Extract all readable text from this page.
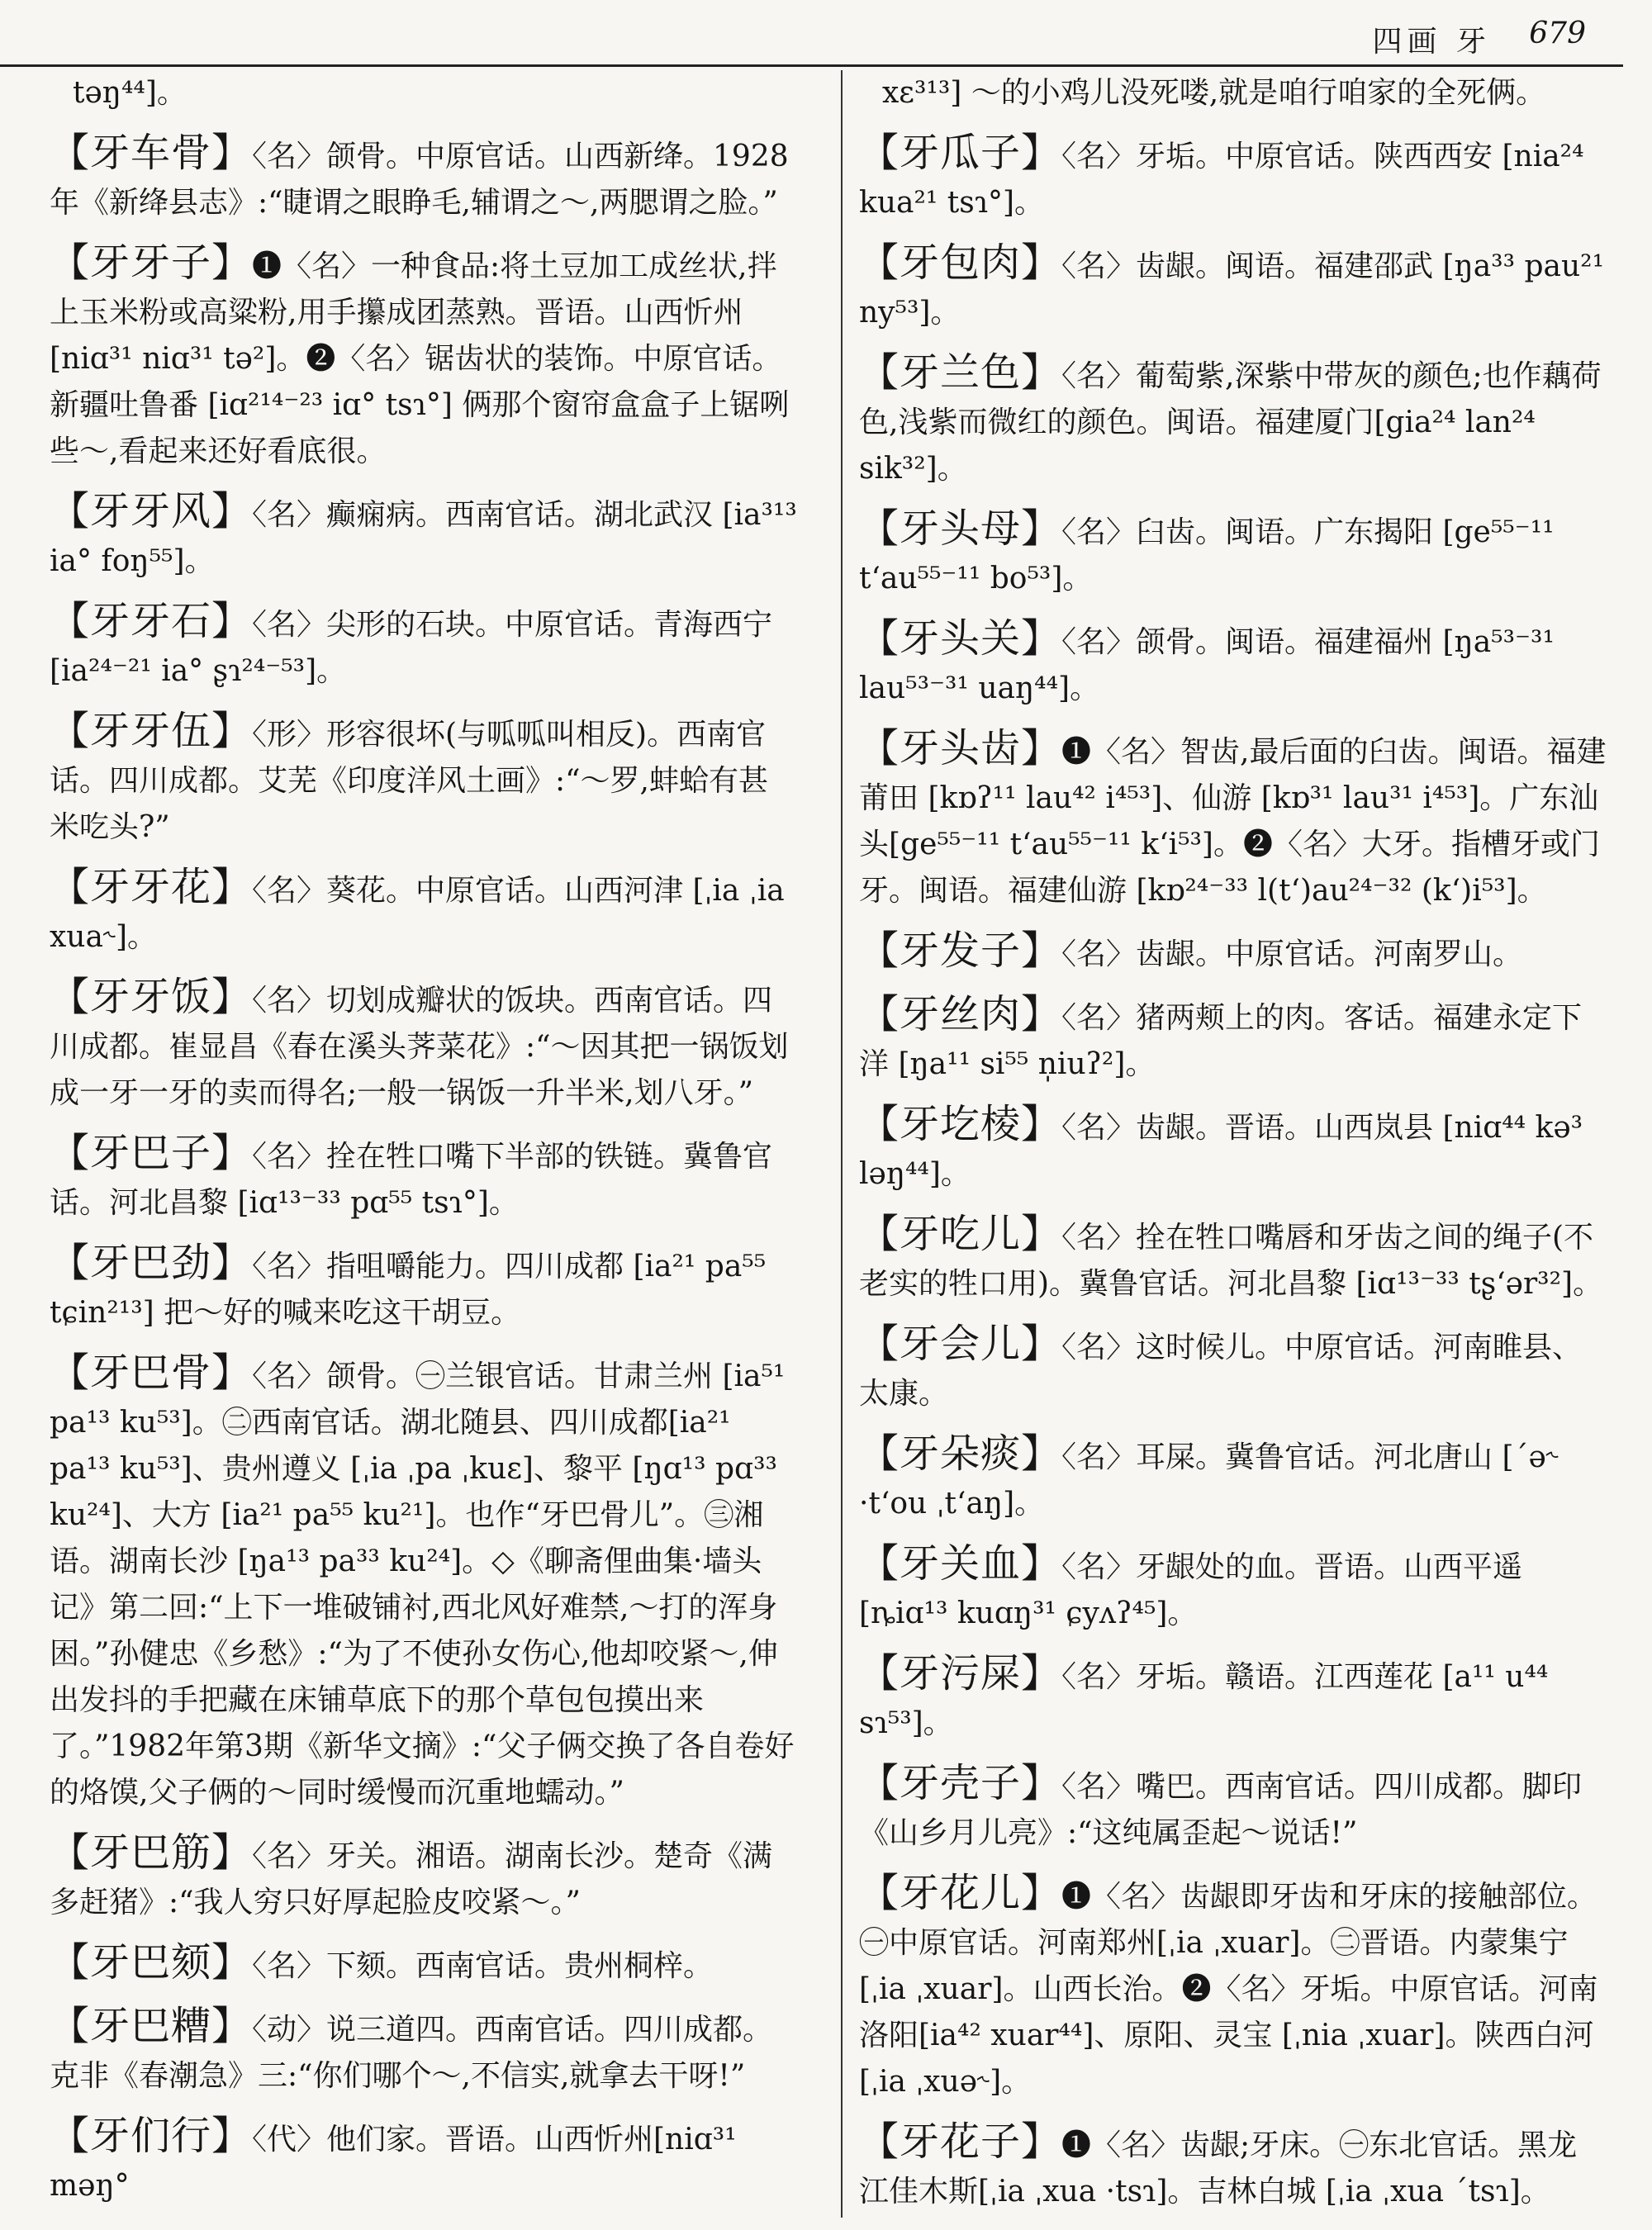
四画 牙 679
təŋ⁴⁴]。
【牙车骨】〈名〉颌骨。中原官话。山西新绛。1928年《新绛县志》:“睫谓之眼睁毛,辅谓之～,两腮谓之脸。”
【牙牙子】❶〈名〉一种食品:将土豆加工成丝状,拌上玉米粉或高粱粉,用手攥成团蒸熟。晋语。山西忻州 [niɑ³¹ niɑ³¹ tə²]。❷〈名〉锯齿状的装饰。中原官话。新疆吐鲁番 [iɑ²¹⁴⁻²³ iɑ° tsɿ°] 俩那个窗帘盒盒子上锯咧些～,看起来还好看底很。
【牙牙风】〈名〉癫痫病。西南官话。湖北武汉 [ia³¹³ ia° foŋ⁵⁵]。
【牙牙石】〈名〉尖形的石块。中原官话。青海西宁 [ia²⁴⁻²¹ ia° ʂɿ²⁴⁻⁵³]。
【牙牙伍】〈形〉形容很坏(与呱呱叫相反)。西南官话。四川成都。艾芜《印度洋风土画》:“～罗,蚌蛤有甚米吃头?”
【牙牙花】〈名〉葵花。中原官话。山西河津 [ˌia ˌia xua˞]。
【牙牙饭】〈名〉切划成瓣状的饭块。西南官话。四川成都。崔显昌《春在溪头荠菜花》:“～因其把一锅饭划成一牙一牙的卖而得名;一般一锅饭一升半米,划八牙。”
【牙巴子】〈名〉拴在牲口嘴下半部的铁链。冀鲁官话。河北昌黎 [iɑ¹³⁻³³ pɑ⁵⁵ tsɿ°]。
【牙巴劲】〈名〉指咀嚼能力。四川成都 [ia²¹ pa⁵⁵ tɕin²¹³] 把～好的喊来吃这干胡豆。
【牙巴骨】〈名〉颌骨。㊀兰银官话。甘肃兰州 [ia⁵¹ pa¹³ ku⁵³]。㊁西南官话。湖北随县、四川成都[ia²¹ pa¹³ ku⁵³]、贵州遵义 [ˌia ˌpa ˌkuɛ]、黎平 [ŋɑ¹³ pɑ³³ ku²⁴]、大方 [ia²¹ pa⁵⁵ ku²¹]。也作“牙巴骨儿”。㊂湘语。湖南长沙 [ŋa¹³ pa³³ ku²⁴]。◇《聊斋俚曲集·墙头记》第二回:“上下一堆破铺衬,西北风好难禁,～打的浑身困。”孙健忠《乡愁》:“为了不使孙女伤心,他却咬紧～,伸出发抖的手把藏在床铺草底下的那个草包包摸出来了。”1982年第3期《新华文摘》:“父子俩交换了各自卷好的烙馍,父子俩的～同时缓慢而沉重地蠕动。”
【牙巴筋】〈名〉牙关。湘语。湖南长沙。楚奇《满多赶猪》:“我人穷只好厚起脸皮咬紧～。”
【牙巴颏】〈名〉下颏。西南官话。贵州桐梓。
【牙巴糟】〈动〉说三道四。西南官话。四川成都。克非《春潮急》三:“你们哪个～,不信实,就拿去干呀!”
【牙们行】〈代〉他们家。晋语。山西忻州[niɑ³¹ məŋ°
xɛ³¹³] ～的小鸡儿没死喽,就是咱行咱家的全死俩。
【牙瓜子】〈名〉牙垢。中原官话。陕西西安 [nia²⁴ kua²¹ tsɿ°]。
【牙包肉】〈名〉齿龈。闽语。福建邵武 [ŋa³³ pau²¹ ny⁵³]。
【牙兰色】〈名〉葡萄紫,深紫中带灰的颜色;也作藕荷色,浅紫而微红的颜色。闽语。福建厦门[gia²⁴ lan²⁴ sik³²]。
【牙头母】〈名〉臼齿。闽语。广东揭阳 [ge⁵⁵⁻¹¹ tʻau⁵⁵⁻¹¹ bo⁵³]。
【牙头关】〈名〉颌骨。闽语。福建福州 [ŋa⁵³⁻³¹ lau⁵³⁻³¹ uaŋ⁴⁴]。
【牙头齿】❶〈名〉智齿,最后面的臼齿。闽语。福建莆田 [kɒʔ¹¹ lau⁴² i⁴⁵³]、仙游 [kɒ³¹ lau³¹ i⁴⁵³]。广东汕头[ge⁵⁵⁻¹¹ tʻau⁵⁵⁻¹¹ kʻi⁵³]。❷〈名〉大牙。指槽牙或门牙。闽语。福建仙游 [kɒ²⁴⁻³³ l(tʻ)au²⁴⁻³² (kʻ)i⁵³]。
【牙发子】〈名〉齿龈。中原官话。河南罗山。
【牙丝肉】〈名〉猪两颊上的肉。客话。福建永定下洋 [ŋa¹¹ si⁵⁵ n̩iuʔ²]。
【牙圪棱】〈名〉齿龈。晋语。山西岚县 [niɑ⁴⁴ kə³ ləŋ⁴⁴]。
【牙吃儿】〈名〉拴在牲口嘴唇和牙齿之间的绳子(不老实的牲口用)。冀鲁官话。河北昌黎 [iɑ¹³⁻³³ tʂʻər³²]。
【牙会儿】〈名〉这时候儿。中原官话。河南睢县、太康。
【牙朵痰】〈名〉耳屎。冀鲁官话。河北唐山 [ˊə˞ ·tʻou ˌtʻaŋ]。
【牙关血】〈名〉牙龈处的血。晋语。山西平遥 [ȵiɑ¹³ kuɑŋ³¹ ɕyʌʔ⁴⁵]。
【牙污屎】〈名〉牙垢。赣语。江西莲花 [a¹¹ u⁴⁴ sɿ⁵³]。
【牙壳子】〈名〉嘴巴。西南官话。四川成都。脚印《山乡月儿亮》:“这纯属歪起～说话!”
【牙花儿】❶〈名〉齿龈即牙齿和牙床的接触部位。㊀中原官话。河南郑州[ˌia ˌxuar]。㊁晋语。内蒙集宁[ˌia ˌxuar]。山西长治。❷〈名〉牙垢。中原官话。河南洛阳[ia⁴² xuar⁴⁴]、原阳、灵宝 [ˌnia ˌxuar]。陕西白河 [ˌia ˌxuə˞]。
【牙花子】❶〈名〉齿龈;牙床。㊀东北官话。黑龙江佳木斯[ˌia ˌxua ·tsɿ]。吉林白城 [ˌia ˌxua ˊtsɿ]。
